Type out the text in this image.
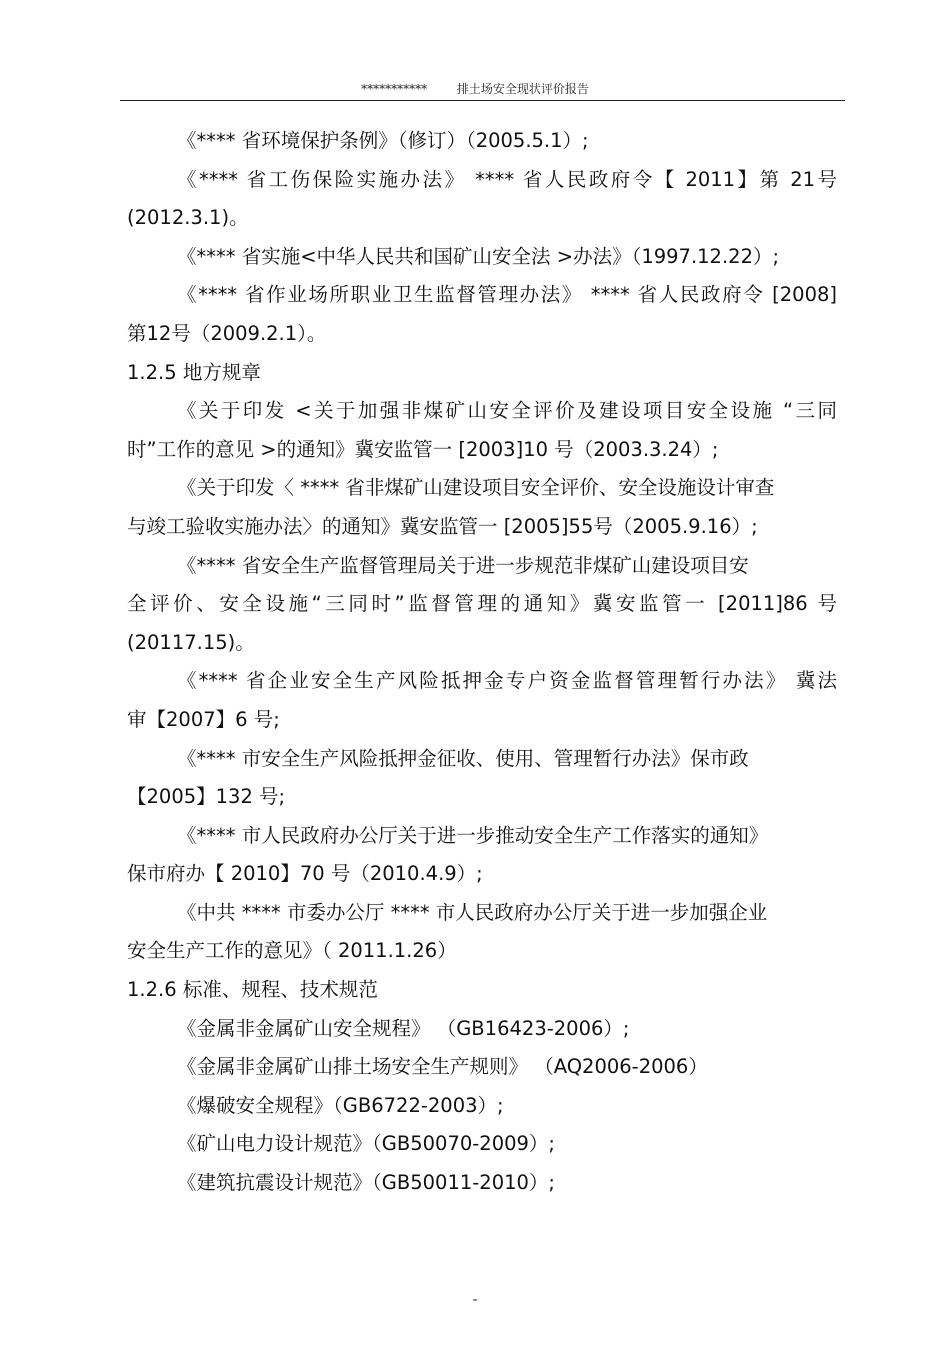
*********** 排土场安全现状评价报告
《**** 省环境保护条例》（修订）（2005.5.1）;
《**** 省工伤保险实施办法》 **** 省人民政府令【 2011】第 21号
(2012.3.1)。
《**** 省实施<中华人民共和国矿山安全法 >办法》（1997.12.22）;
《**** 省作业场所职业卫生监督管理办法》 **** 省人民政府令 [2008]
第12号（2009.2.1）。
1.2.5 地方规章
《关于印发 <关于加强非煤矿山安全评价及建设项目安全设施 “三同
时”工作的意见 >的通知》冀安监管一 [2003]10 号（2003.3.24）;
《关于印发〈 **** 省非煤矿山建设项目安全评价、安全设施设计审查
与竣工验收实施办法〉的通知》冀安监管一 [2005]55号（2005.9.16）;
《**** 省安全生产监督管理局关于进一步规范非煤矿山建设项目安
全评价、安全设施“三同时”监督管理的通知》冀安监管一 [2011]86 号
(20117.15)。
《**** 省企业安全生产风险抵押金专户资金监督管理暂行办法》 冀法
审【2007】6 号;
《**** 市安全生产风险抵押金征收、使用、管理暂行办法》保市政
【2005】132 号;
《**** 市人民政府办公厅关于进一步推动安全生产工作落实的通知》
保市府办【 2010】70 号（2010.4.9）;
《中共 **** 市委办公厅 **** 市人民政府办公厅关于进一步加强企业
安全生产工作的意见》（ 2011.1.26）
1.2.6 标准、规程、技术规范
《金属非金属矿山安全规程》 （GB16423-2006）;
《金属非金属矿山排土场安全生产规则》 （AQ2006-2006）
《爆破安全规程》（GB6722-2003）;
《矿山电力设计规范》（GB50070-2009）;
《建筑抗震设计规范》（GB50011-2010）;
-
